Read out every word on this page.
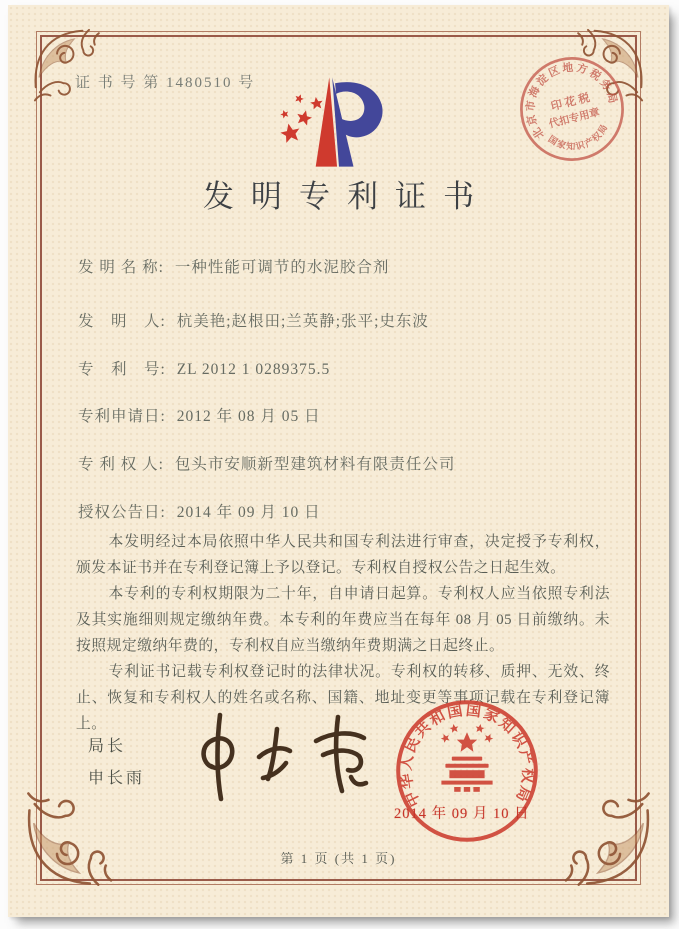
证 书 号 第 1480510 号
发明专利证书
发 明 名 称: 一种性能可调节的水泥胶合剂
发　明　人: 杭美艳;赵根田;兰英静;张平;史东波
专　利　号: ZL 2012 1 0289375.5
专利申请日: 2012 年 08 月 05 日
专 利 权 人: 包头市安顺新型建筑材料有限责任公司
授权公告日: 2014 年 09 月 10 日

本发明经过本局依照中华人民共和国专利法进行审查，决定授予专利权，颁发本证书并在专利登记簿上予以登记。专利权自授权公告之日起生效。

本专利的专利权期限为二十年，自申请日起算。专利权人应当依照专利法及其实施细则规定缴纳年费。本专利的年费应当在每年 08 月 05 日前缴纳。未按照规定缴纳年费的，专利权自应当缴纳年费期满之日起终止。

专利证书记载专利权登记时的法律状况。专利权的转移、质押、无效、终止、恢复和专利权人的姓名或名称、国籍、地址变更等事项记载在专利登记簿上。

局长
申长雨
中华人民共和国国家知识产权局
2014 年 09 月 10 日
北京市海淀区地方税务局
国家知识产权局
印 花 税
代扣专用章
第 1 页 (共 1 页)
